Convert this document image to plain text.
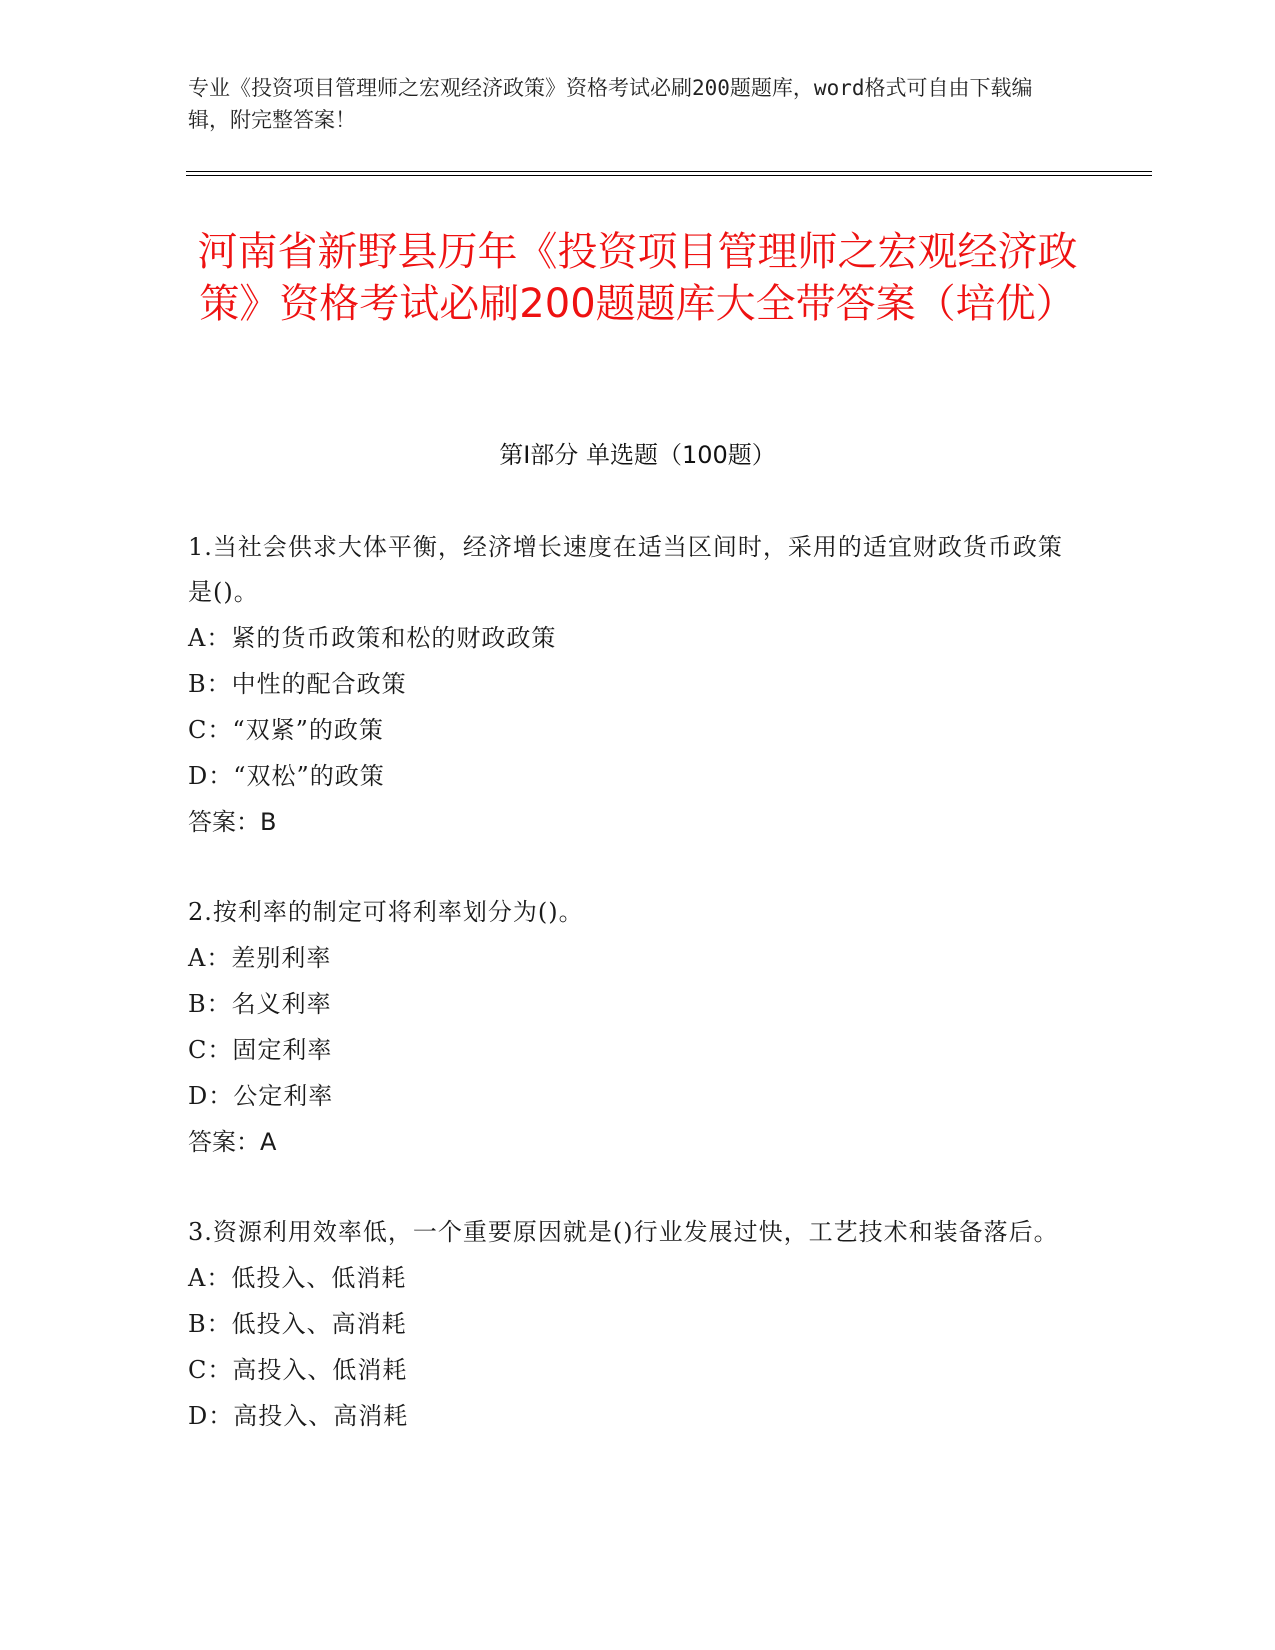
专业《投资项目管理师之宏观经济政策》资格考试必刷200题题库，word格式可自由下载编辑，附完整答案！
河南省新野县历年《投资项目管理师之宏观经济政策》资格考试必刷200题题库大全带答案（培优）
第Ⅰ部分 单选题（100题）
1.当社会供求大体平衡，经济增长速度在适当区间时，采用的适宜财政货币政策是()。
A：紧的货币政策和松的财政政策
B：中性的配合政策
C：“双紧”的政策
D：“双松”的政策
答案：B
2.按利率的制定可将利率划分为()。
A：差别利率
B：名义利率
C：固定利率
D：公定利率
答案：A
3.资源利用效率低，一个重要原因就是()行业发展过快，工艺技术和装备落后。
A：低投入、低消耗
B：低投入、高消耗
C：高投入、低消耗
D：高投入、高消耗
